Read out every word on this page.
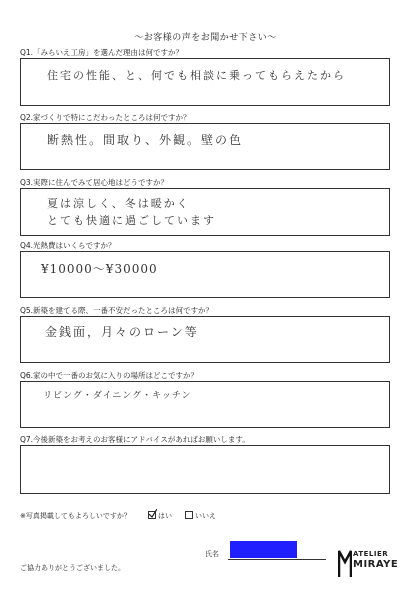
～お客様の声をお聞かせ下さい～
Q1.「みらいえ工房」を選んだ理由は何ですか？
住宅の性能、と、何でも相談に乗ってもらえたから
Q2.家づくりで特にこだわったところは何ですか？
断熱性。間取り、外観。壁の色
Q3.実際に住んでみて居心地はどうですか？
夏は涼しく、冬は暖かく
とても快適に過ごしています
Q4.光熱費はいくらですか？
¥10000〜¥30000
Q5.新築を建てる際、一番不安だったところは何ですか？
金銭面，月々のローン等
Q6.家の中で一番のお気に入りの場所はどこですか？
リビング・ダイニング・キッチン
Q7.今後新築をお考えのお客様にアドバイスがあればお願いします。
※写真掲載してもよろしいですか？	はい	いいえ
氏名
ご協力ありがとうございました。
ATELIER
MIRAYE
